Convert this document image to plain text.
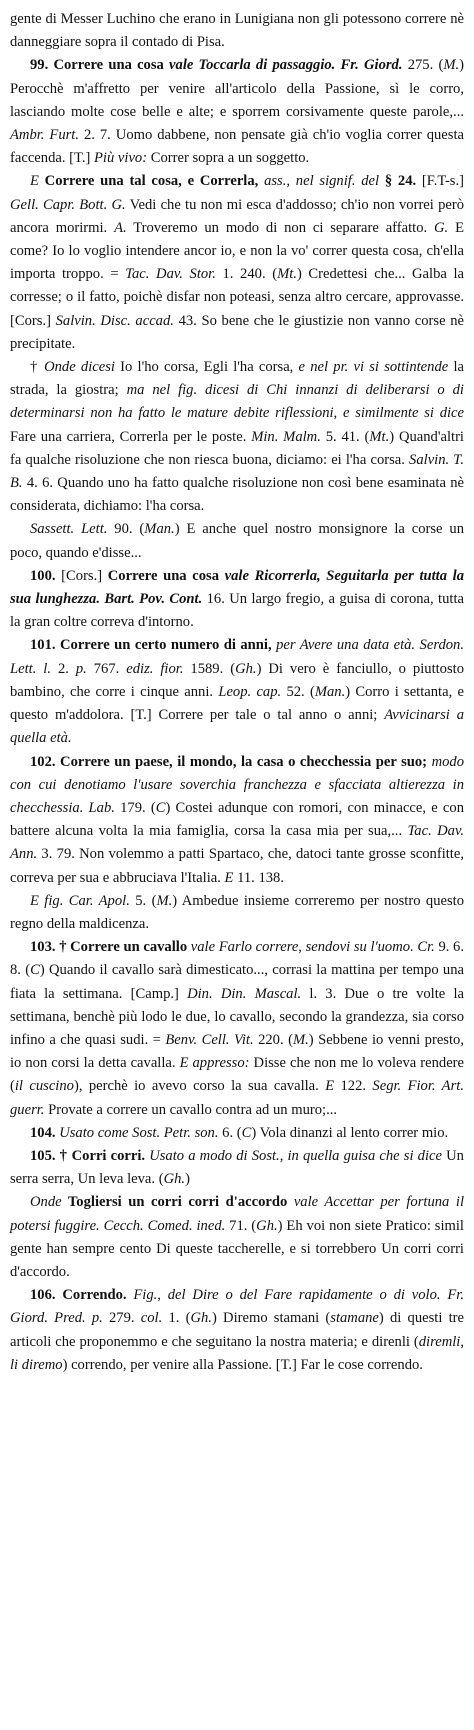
gente di Messer Luchino che erano in Lunigiana non gli potessono correre nè danneggiare sopra il contado di Pisa.

99. Correre una cosa vale Toccarla di passaggio. Fr. Giord. 275. (M.) Perocchè m'affretto per venire all'articolo della Passione, sì le corro, lasciando molte cose belle e alte; e sporrem corsivamente queste parole,... Ambr. Furt. 2. 7. Uomo dabbene, non pensate già ch'io voglia correr questa faccenda. [T.] Più vivo: Correr sopra a un soggetto.

E Correre una tal cosa, e Correrla, ass., nel signif. del § 24. [F.T-s.] Gell. Capr. Bott. G. Vedi che tu non mi esca d'addosso; ch'io non vorrei però ancora morirmi. A. Troveremo un modo di non ci separare affatto. G. E come? Io lo voglio intendere ancor io, e non la vo' correr questa cosa, ch'ella importa troppo. = Tac. Dav. Stor. 1. 240. (Mt.) Credettesi che... Galba la corresse; o il fatto, poichè disfar non poteasi, senza altro cercare, approvasse. [Cors.] Salvin. Disc. accad. 43. So bene che le giustizie non vanno corse nè precipitate.

† Onde dicesi Io l'ho corsa, Egli l'ha corsa, e nel pr. vi si sottintende la strada, la giostra; ma nel fig. dicesi di Chi innanzi di deliberarsi o di determinarsi non ha fatto le mature debite riflessioni, e similmente si dice Fare una carriera, Correrla per le poste. Min. Malm. 5. 41. (Mt.) Quand'altri fa qualche risoluzione che non riesca buona, diciamo: ei l'ha corsa. Salvin. T. B. 4. 6. Quando uno ha fatto qualche risoluzione non così bene esaminata nè considerata, dichiamo: l'ha corsa.

Sassett. Lett. 90. (Man.) E anche quel nostro monsignore la corse un poco, quando e'disse...

100. [Cors.] Correre una cosa vale Ricorrerla, Seguitarla per tutta la sua lunghezza. Bart. Pov. Cont. 16. Un largo fregio, a guisa di corona, tutta la gran coltre correva d'intorno.

101. Correre un certo numero di anni, per Avere una data età. Serdon. Lett. l. 2. p. 767. ediz. fior. 1589. (Gh.) Di vero è fanciullo, o piuttosto bambino, che corre i cinque anni. Leop. cap. 52. (Man.) Corro i settanta, e questo m'addolora. [T.] Correre per tale o tal anno o anni; Avvicinarsi a quella età.

102. Correre un paese, il mondo, la casa o checchessia per suo; modo con cui denotiamo l'usare soverchia franchezza e sfacciata altierezza in checchessia. Lab. 179. (C) Costei adunque con romori, con minacce, e con battere alcuna volta la mia famiglia, corsa la casa mia per sua,... Tac. Dav. Ann. 3. 79. Non volemmo a patti Spartaco, che, datoci tante grosse sconfitte, correva per sua e abbruciava l'Italia. E 11. 138.

E fig. Car. Apol. 5. (M.) Ambedue insieme correremo per nostro questo regno della maldicenza.

103. † Correre un cavallo vale Farlo correre, sendovi su l'uomo. Cr. 9. 6. 8. (C) Quando il cavallo sarà dimesticato..., corrasi la mattina per tempo una fiata la settimana. [Camp.] Din. Din. Mascal. l. 3. Due o tre volte la settimana, benchè più lodo le due, lo cavallo, secondo la grandezza, sia corso infino a che quasi sudi. = Benv. Cell. Vit. 220. (M.) Sebbene io venni presto, io non corsi la detta cavalla. E appresso: Disse che non me lo voleva rendere (il cuscino), perchè io avevo corso la sua cavalla. E 122. Segr. Fior. Art. guerr. Provate a correre un cavallo contra ad un muro;...

104. Usato come Sost. Petr. son. 6. (C) Vola dinanzi al lento correr mio.

105. † Corri corri. Usato a modo di Sost., in quella guisa che si dice Un serra serra, Un leva leva. (Gh.)

Onde Togliersi un corri corri d'accordo vale Accettar per fortuna il potersi fuggire. Cecch. Comed. ined. 71. (Gh.) Eh voi non siete Pratico: simil gente han sempre cento Di queste taccherelle, e si torrebbero Un corri corri d'accordo.

106. Correndo. Fig., del Dire o del Fare rapidamente o di volo. Fr. Giord. Pred. p. 279. col. 1. (Gh.) Diremo stamani (stamane) di questi tre articoli che proponemmo e che seguitano la nostra materia; e direnli (diremli, li diremo) correndo, per venire alla Passione. [T.] Far le cose correndo.
